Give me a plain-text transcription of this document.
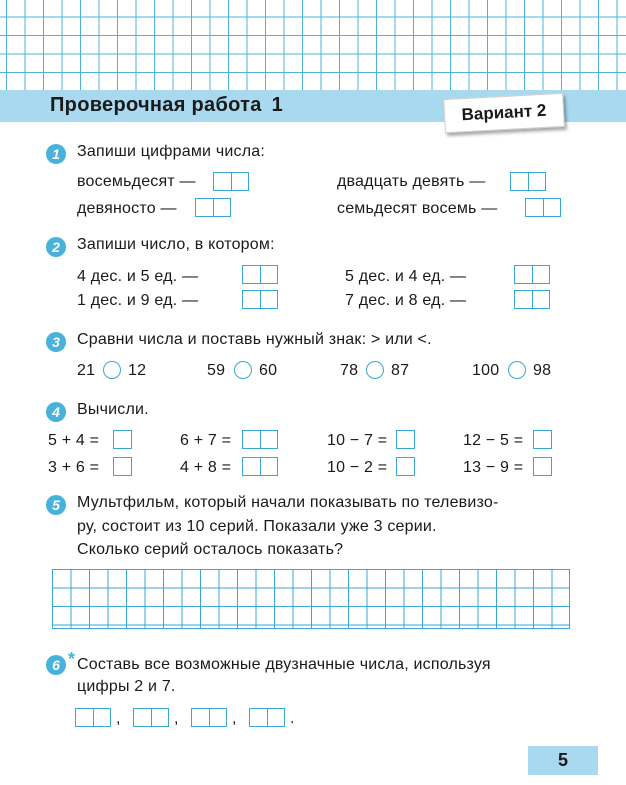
Проверочная работа 1	Вариант 2
1	Запиши цифрами числа:
восемьдесят —	двадцать девять —
девяносто —	семьдесят восемь —
2	Запиши число, в котором:
4 дес. и 5 ед. —	5 дес. и 4 ед. —
1 дес. и 9 ед. —	7 дес. и 8 ед. —
3	Сравни числа и поставь нужный знак: > или <.
21 12	59 60	78 87	100 98
4	Вычисли.
5 + 4 =	6 + 7 =	10 − 7 =	12 − 5 =
3 + 6 =	4 + 8 =	10 − 2 =	13 − 9 =
5	Мультфильм, который начали показывать по телевизо-
ру, состоит из 10 серий. Показали уже 3 серии.
Сколько серий осталось показать?
6 *	Составь все возможные двузначные числа, используя
цифры 2 и 7.
,	,	,	.
5
